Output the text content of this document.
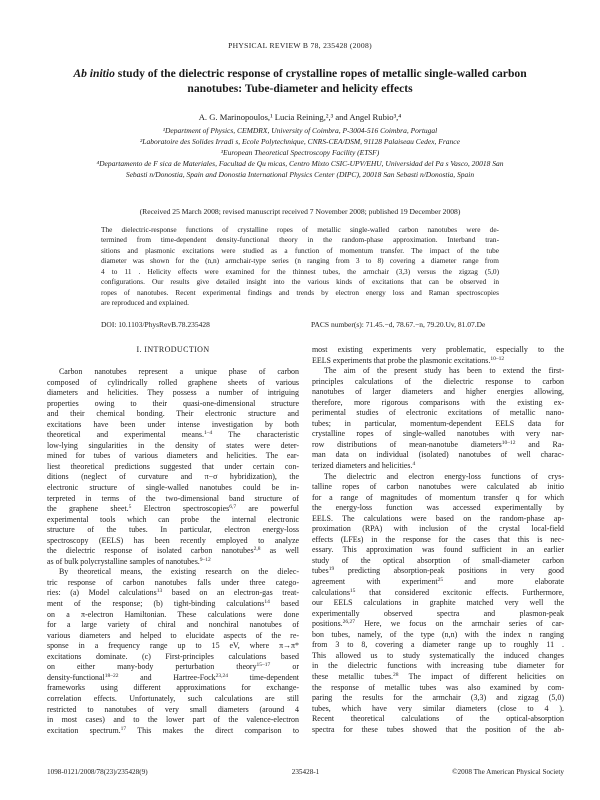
PHYSICAL REVIEW B 78, 235428 (2008)
Ab initio study of the dielectric response of crystalline ropes of metallic single-walled carbon
nanotubes: Tube-diameter and helicity effects
A. G. Marinopoulos,¹ Lucia Reining,²,³ and Angel Rubio³,⁴
¹Department of Physics, CEMDRX, University of Coimbra, P-3004-516 Coimbra, Portugal
²Laboratoire des Solides Irradi s, Ecole Polytechnique, CNRS-CEA/DSM, 91128 Palaiseau Cedex, France
³European Theoretical Spectroscopy Facility (ETSF)
⁴Departamento de F sica de Materiales, Facultad de Qu micas, Centro Mixto CSIC-UPV/EHU, Universidad del Pa s Vasco, 20018 San
Sebasti n/Donostia, Spain and Donostia International Physics Center (DIPC), 20018 San Sebasti n/Donostia, Spain
(Received 25 March 2008; revised manuscript received 7 November 2008; published 19 December 2008)
The dielectric-response functions of crystalline ropes of metallic single-walled carbon nanotubes were de-
termined from time-dependent density-functional theory in the random-phase approximation. Interband tran-
sitions and plasmonic excitations were studied as a function of momentum transfer. The impact of the tube
diameter was shown for the (n,n) armchair-type series (n ranging from 3 to 8) covering a diameter range from
4 to 11 . Helicity effects were examined for the thinnest tubes, the armchair (3,3) versus the zigzag (5,0)
configurations. Our results give detailed insight into the various kinds of excitations that can be observed in
ropes of nanotubes. Recent experimental findings and trends by electron energy loss and Raman spectroscopies
are reproduced and explained.
DOI: 10.1103/PhysRevB.78.235428	PACS number(s): 71.45.−d, 78.67.−n, 79.20.Uv, 81.07.De
I. INTRODUCTION
Carbon nanotubes represent a unique phase of carbon
composed of cylindrically rolled graphene sheets of various
diameters and helicities. They possess a number of intriguing
properties owing to their quasi-one-dimensional structure
and their chemical bonding. Their electronic structure and
excitations have been under intense investigation by both
theoretical and experimental means.$^{1-4}$ The characteristic
low-lying singularities in the density of states were deter-
mined for tubes of various diameters and helicities. The ear-
liest theoretical predictions suggested that under certain con-
ditions (neglect of curvature and π−σ hybridization), the
electronic structure of single-walled nanotubes could be in-
terpreted in terms of the two-dimensional band structure of
the graphene sheet.$^5$ Electron spectroscopies$^{6,7}$ are powerful
experimental tools which can probe the internal electronic
structure of the tubes. In particular, electron energy-loss
spectroscopy (EELS) has been recently employed to analyze
the dielectric response of isolated carbon nanotubes$^{2,8}$ as well
as of bulk polycrystalline samples of nanotubes.$^{9-12}$
By theoretical means, the existing research on the dielec-
tric response of carbon nanotubes falls under three catego-
ries: (a) Model calculations$^{13}$ based on an electron-gas treat-
ment of the response; (b) tight-binding calculations$^{14}$ based
on a π-electron Hamiltonian. These calculations were done
for a large variety of chiral and nonchiral nanotubes of
various diameters and helped to elucidate aspects of the re-
sponse in a frequency range up to 15 eV, where π→π*
excitations dominate. (c) First-principles calculations based
on either many-body perturbation theory$^{15-17}$ or
density-functional$^{18-22}$ and Hartree-Fock$^{23,24}$ time-dependent
frameworks using different approximations for exchange-
correlation effects. Unfortunately, such calculations are still
restricted to nanotubes of very small diameters (around 4
in most cases) and to the lower part of the valence-electron
excitation spectrum.$^{17}$ This makes the direct comparison to
most existing experiments very problematic, especially to the
EELS experiments that probe the plasmonic excitations.$^{10-12}$
The aim of the present study has been to extend the first-
principles calculations of the dielectric response to carbon
nanotubes of larger diameters and higher energies allowing,
therefore, more rigorous comparisons with the existing ex-
perimental studies of electronic excitations of metallic nano-
tubes; in particular, momentum-dependent EELS data for
crystalline ropes of single-walled nanotubes with very nar-
row distributions of mean-nanotube diameters$^{10-12}$ and Ra-
man data on individual (isolated) nanotubes of well charac-
terized diameters and helicities.$^4$
The dielectric and electron energy-loss functions of crys-
talline ropes of carbon nanotubes were calculated ab initio
for a range of magnitudes of momentum transfer q for which
the energy-loss function was accessed experimentally by
EELS. The calculations were based on the random-phase ap-
proximation (RPA) with inclusion of the crystal local-field
effects (LFEs) in the response for the cases that this is nec-
essary. This approximation was found sufficient in an earlier
study of the optical absorption of small-diameter carbon
tubes$^{19}$ predicting absorption-peak positions in very good
agreement with experiment$^{25}$ and more elaborate
calculations$^{15}$ that considered excitonic effects. Furthermore,
our EELS calculations in graphite matched very well the
experimentally observed spectra and plasmon-peak
positions.$^{26,27}$ Here, we focus on the armchair series of car-
bon tubes, namely, of the type (n,n) with the index n ranging
from 3 to 8, covering a diameter range up to roughly 11 .
This allowed us to study systematically the induced changes
in the dielectric functions with increasing tube diameter for
these metallic tubes.$^{28}$ The impact of different helicities on
the response of metallic tubes was also examined by com-
paring the results for the armchair (3,3) and zigzag (5,0)
tubes, which have very similar diameters (close to 4 ).
Recent theoretical calculations of the optical-absorption
spectra for these tubes showed that the position of the ab-
1098-0121/2008/78(23)/235428(9)	235428-1	©2008 The American Physical Society
